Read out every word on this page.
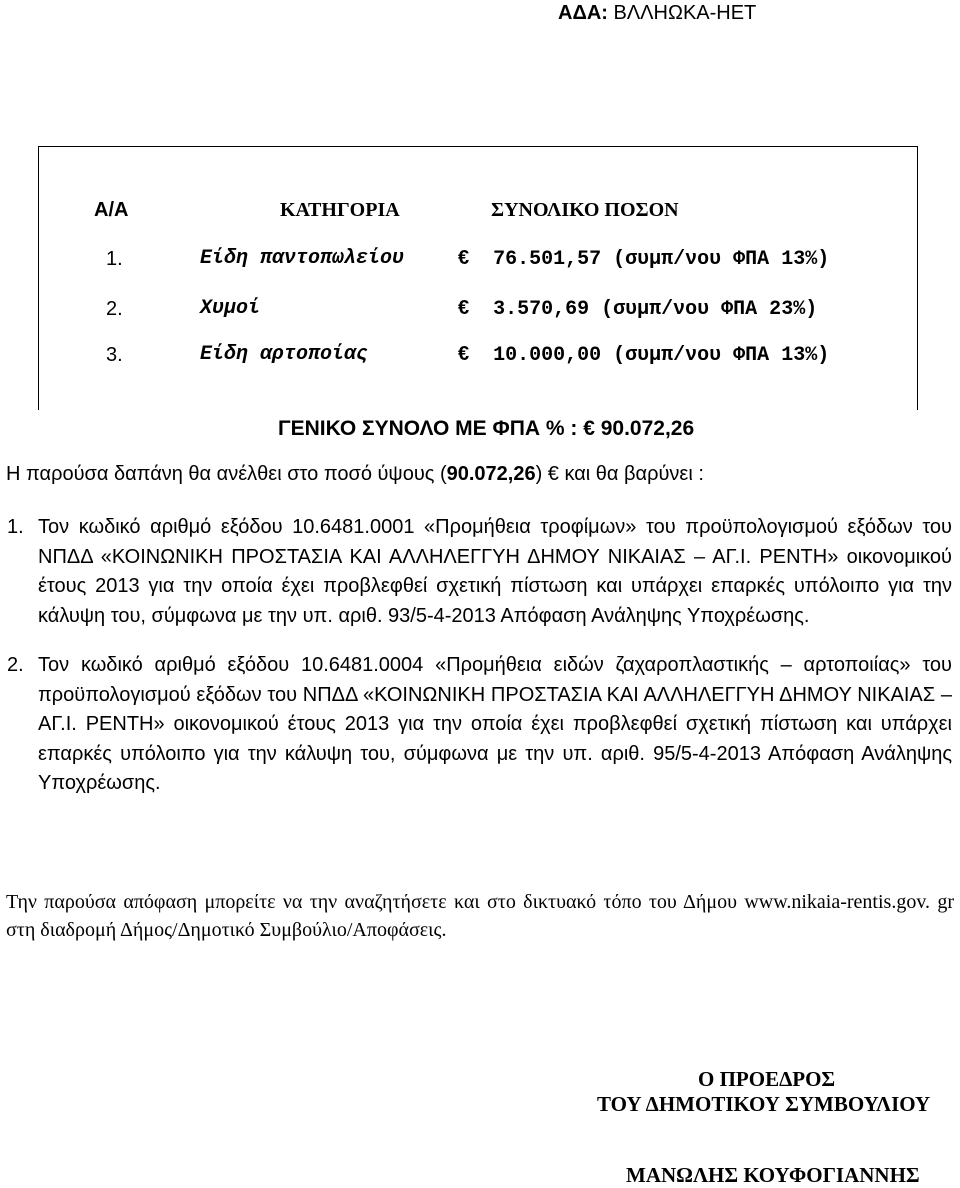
ΑΔΑ: ΒΛΛΗΩΚΑ-ΗΕΤ
Α/Α	ΚΑΤΗΓΟΡΙΑ	ΣΥΝΟΛΙΚΟ ΠΟΣΟΝ
1.	Είδη παντοπωλείου	€ 76.501,57 (συμπ/νου ΦΠΑ 13%)
2.	Χυμοί	€ 3.570,69 (συμπ/νου ΦΠΑ 23%)
3.	Είδη αρτοποίας	€ 10.000,00 (συμπ/νου ΦΠΑ 13%)
ΓΕΝΙΚΟ ΣΥΝΟΛΟ ΜΕ ΦΠΑ % : € 90.072,26
Η παρούσα δαπάνη θα ανέλθει στο ποσό ύψους (90.072,26) € και θα βαρύνει :
1. Τον κωδικό αριθμό εξόδου 10.6481.0001 «Προμήθεια τροφίμων» του προϋπολογισμού εξόδων του ΝΠΔΔ «ΚΟΙΝΩΝΙΚΗ ΠΡΟΣΤΑΣΙΑ ΚΑΙ ΑΛΛΗΛΕΓΓΥΗ ΔΗΜΟΥ ΝΙΚΑΙΑΣ – ΑΓ.Ι. ΡΕΝΤΗ» οικονομικού έτους 2013 για την οποία έχει προβλεφθεί σχετική πίστωση και υπάρχει επαρκές υπόλοιπο για την κάλυψη του, σύμφωνα με την υπ. αριθ. 93/5-4-2013 Απόφαση Ανάληψης Υποχρέωσης.
2. Τον κωδικό αριθμό εξόδου 10.6481.0004 «Προμήθεια ειδών ζαχαροπλαστικής – αρτοποιίας» του προϋπολογισμού εξόδων του ΝΠΔΔ «ΚΟΙΝΩΝΙΚΗ ΠΡΟΣΤΑΣΙΑ ΚΑΙ ΑΛΛΗΛΕΓΓΥΗ ΔΗΜΟΥ ΝΙΚΑΙΑΣ – ΑΓ.Ι. ΡΕΝΤΗ» οικονομικού έτους 2013 για την οποία έχει προβλεφθεί σχετική πίστωση και υπάρχει επαρκές υπόλοιπο για την κάλυψη του, σύμφωνα με την υπ. αριθ. 95/5-4-2013 Απόφαση Ανάληψης Υποχρέωσης.
Την παρούσα απόφαση μπορείτε να την αναζητήσετε και στο δικτυακό τόπο του Δήμου www.nikaia-rentis.gov. gr στη διαδρομή Δήμος/Δημοτικό Συμβούλιο/Αποφάσεις.
Ο ΠΡΟΕΔΡΟΣ
ΤΟΥ ΔΗΜΟΤΙΚΟΥ ΣΥΜΒΟΥΛΙΟΥ
ΜΑΝΩΛΗΣ ΚΟΥΦΟΓΙΑΝΝΗΣ
